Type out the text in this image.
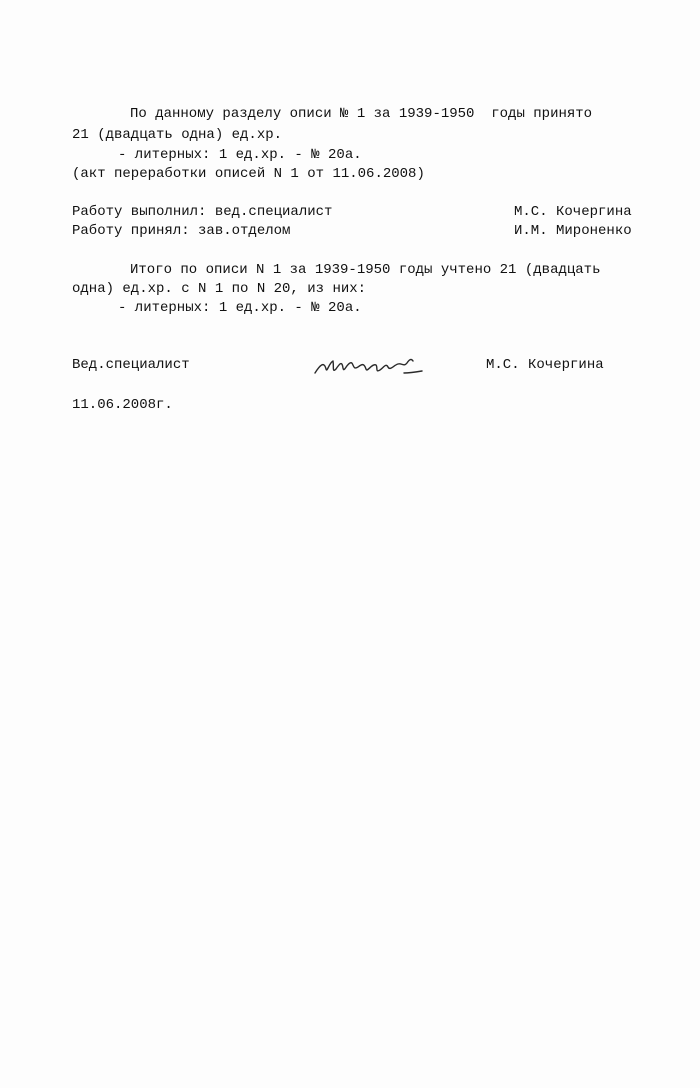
По данному разделу описи № 1 за 1939-1950  годы принято
21 (двадцать одна) ед.хр.
- литерных: 1 ед.хр. - № 20а.
(акт переработки описей N 1 от 11.06.2008)
Работу выполнил: вед.специалист	М.С. Кочергина
Работу принял: зав.отделом	И.М. Мироненко
Итого по описи N 1 за 1939-1950 годы учтено 21 (двадцать
одна) ед.хр. с N 1 по N 20, из них:
- литерных: 1 ед.хр. - № 20а.
Вед.специалист	М.С. Кочергина
11.06.2008г.
